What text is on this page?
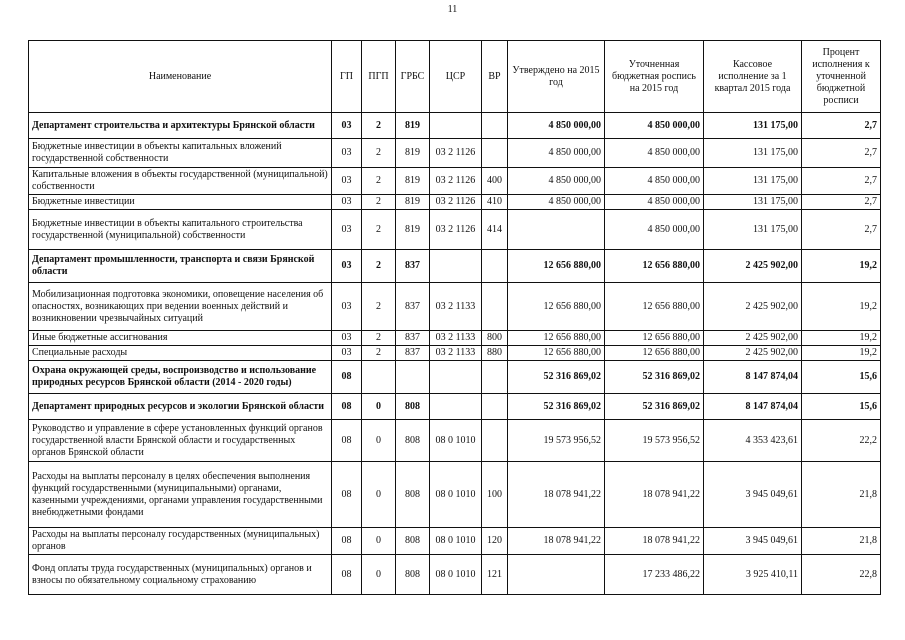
11
Наименование	ГП	ПГП	ГРБС	ЦСР	ВР	Утверждено на 2015 год	Уточненная бюджетная роспись на 2015 год	Кассовое исполнение за 1 квартал 2015 года	Процент исполнения к уточненной бюджетной росписи
Департамент строительства и архитектуры Брянской области	03	2	819			4 850 000,00	4 850 000,00	131 175,00	2,7
Бюджетные инвестиции в объекты капитальных вложений государственной собственности	03	2	819	03 2 1126		4 850 000,00	4 850 000,00	131 175,00	2,7
Капитальные вложения в объекты государственной (муниципальной) собственности	03	2	819	03 2 1126	400	4 850 000,00	4 850 000,00	131 175,00	2,7
Бюджетные инвестиции	03	2	819	03 2 1126	410	4 850 000,00	4 850 000,00	131 175,00	2,7
Бюджетные инвестиции в объекты капитального строительства государственной (муниципальной) собственности	03	2	819	03 2 1126	414		4 850 000,00	131 175,00	2,7
Департамент промышленности, транспорта и связи Брянской области	03	2	837			12 656 880,00	12 656 880,00	2 425 902,00	19,2
Мобилизационная подготовка экономики, оповещение населения об опасностях, возникающих при ведении военных действий и возникновении чрезвычайных ситуаций	03	2	837	03 2 1133		12 656 880,00	12 656 880,00	2 425 902,00	19,2
Иные бюджетные ассигнования	03	2	837	03 2 1133	800	12 656 880,00	12 656 880,00	2 425 902,00	19,2
Специальные расходы	03	2	837	03 2 1133	880	12 656 880,00	12 656 880,00	2 425 902,00	19,2
Охрана окружающей среды, воспроизводство и использование природных ресурсов Брянской области (2014 - 2020 годы)	08					52 316 869,02	52 316 869,02	8 147 874,04	15,6
Департамент природных ресурсов и экологии Брянской области	08	0	808			52 316 869,02	52 316 869,02	8 147 874,04	15,6
Руководство и управление в сфере установленных функций органов государственной власти Брянской области и государственных органов Брянской области	08	0	808	08 0 1010		19 573 956,52	19 573 956,52	4 353 423,61	22,2
Расходы на выплаты персоналу в целях обеспечения выполнения функций государственными (муниципальными) органами, казенными учреждениями, органами управления государственными внебюджетными фондами	08	0	808	08 0 1010	100	18 078 941,22	18 078 941,22	3 945 049,61	21,8
Расходы на выплаты персоналу государственных (муниципальных) органов	08	0	808	08 0 1010	120	18 078 941,22	18 078 941,22	3 945 049,61	21,8
Фонд оплаты труда государственных (муниципальных) органов и взносы по обязательному социальному страхованию	08	0	808	08 0 1010	121		17 233 486,22	3 925 410,11	22,8
